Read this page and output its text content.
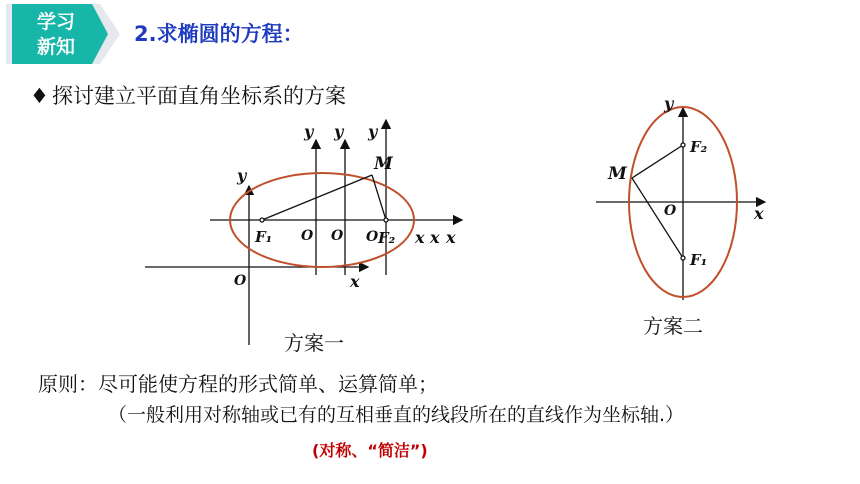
学习
新知
2.求椭圆的方程：
♦ 探讨建立平面直角坐标系的方案
y
y y y
M
F₁ O O O F₂ x x x
O	x
方案一
y
x
M
O
F₂
F₁
方案二
原则：尽可能使方程的形式简单、运算简单；
（一般利用对称轴或已有的互相垂直的线段所在的直线作为坐标轴.）
(对称、“简洁”)
